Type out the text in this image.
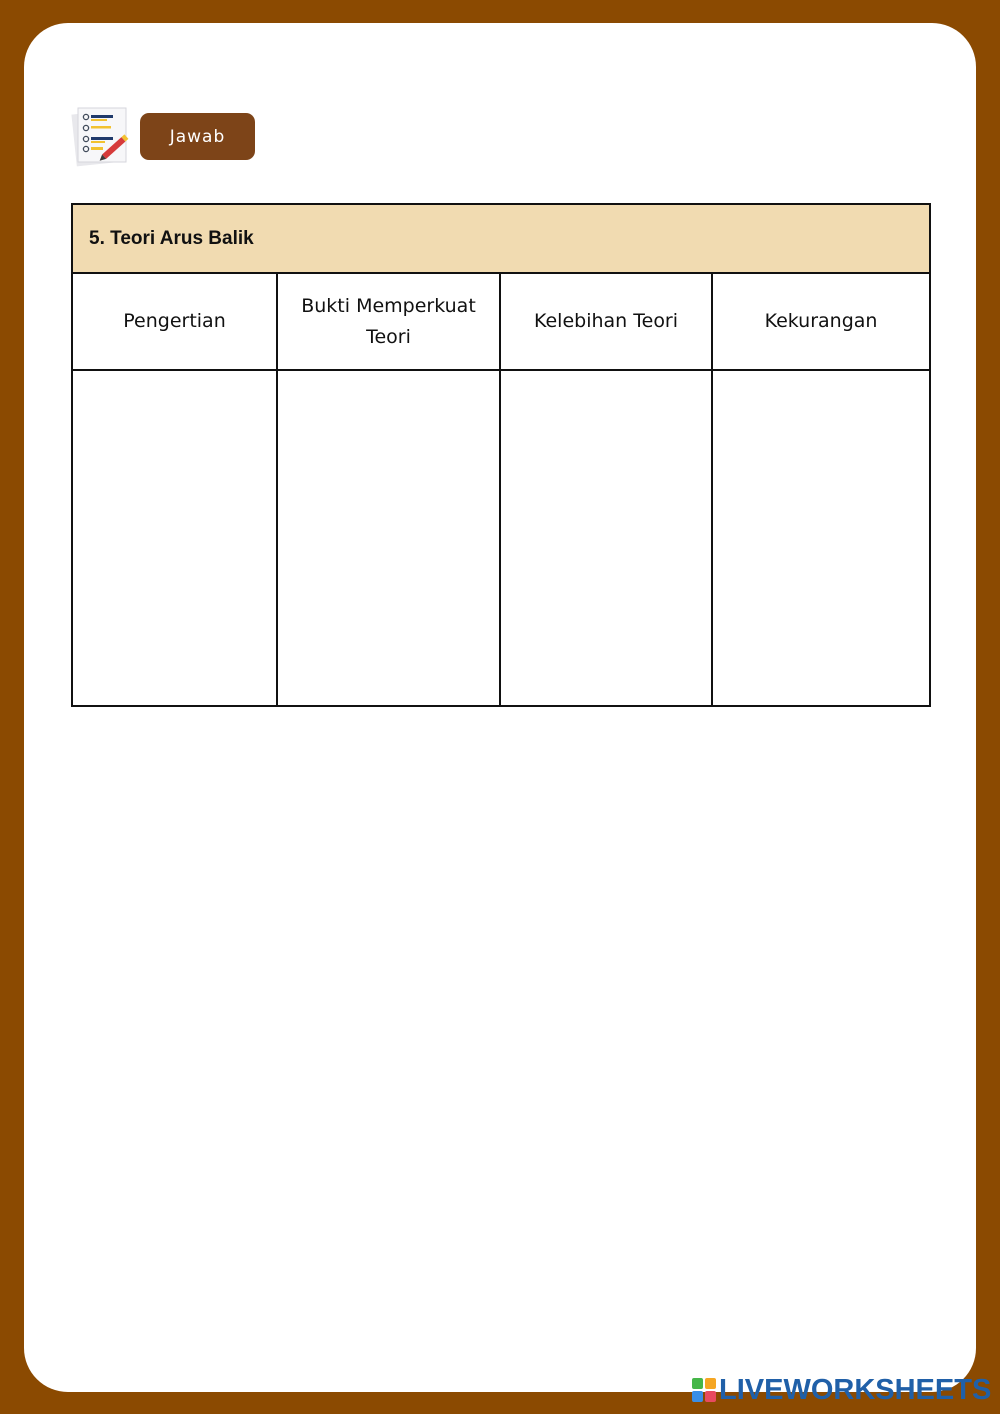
Jawab
5. Teori Arus Balik			
Pengertian	Bukti Memperkuat Teori	Kelebihan Teori	Kekurangan

LIVEWORKSHEETS
